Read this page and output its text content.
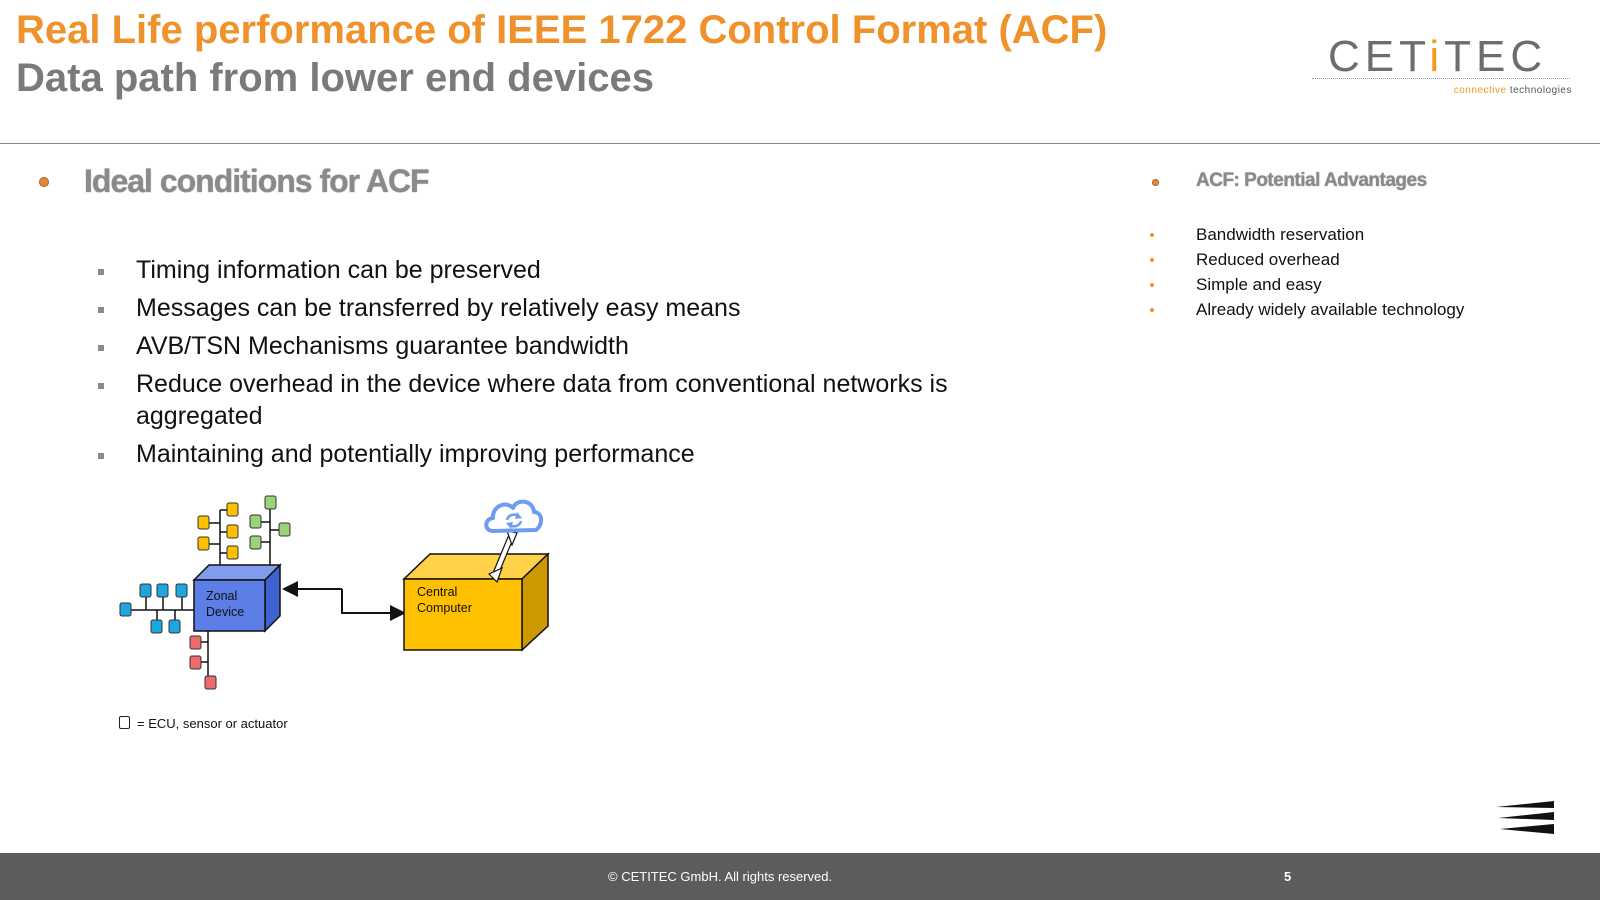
Real Life performance of IEEE 1722 Control Format (ACF)
Data path from lower end devices	CETiTEC
connective technologies
Ideal conditions for ACF
Timing information can be preserved
Messages can be transferred by relatively easy means
AVB/TSN Mechanisms guarantee bandwidth
Reduce overhead in the device where data from conventional networks is aggregated
Maintaining and potentially improving performance
ACF: Potential Advantages
Bandwidth reservation
Reduced overhead
Simple and easy
Already widely available technology
Zonal
Device
Central
Computer
= ECU, sensor or actuator
© CETITEC GmbH. All rights reserved.	5
